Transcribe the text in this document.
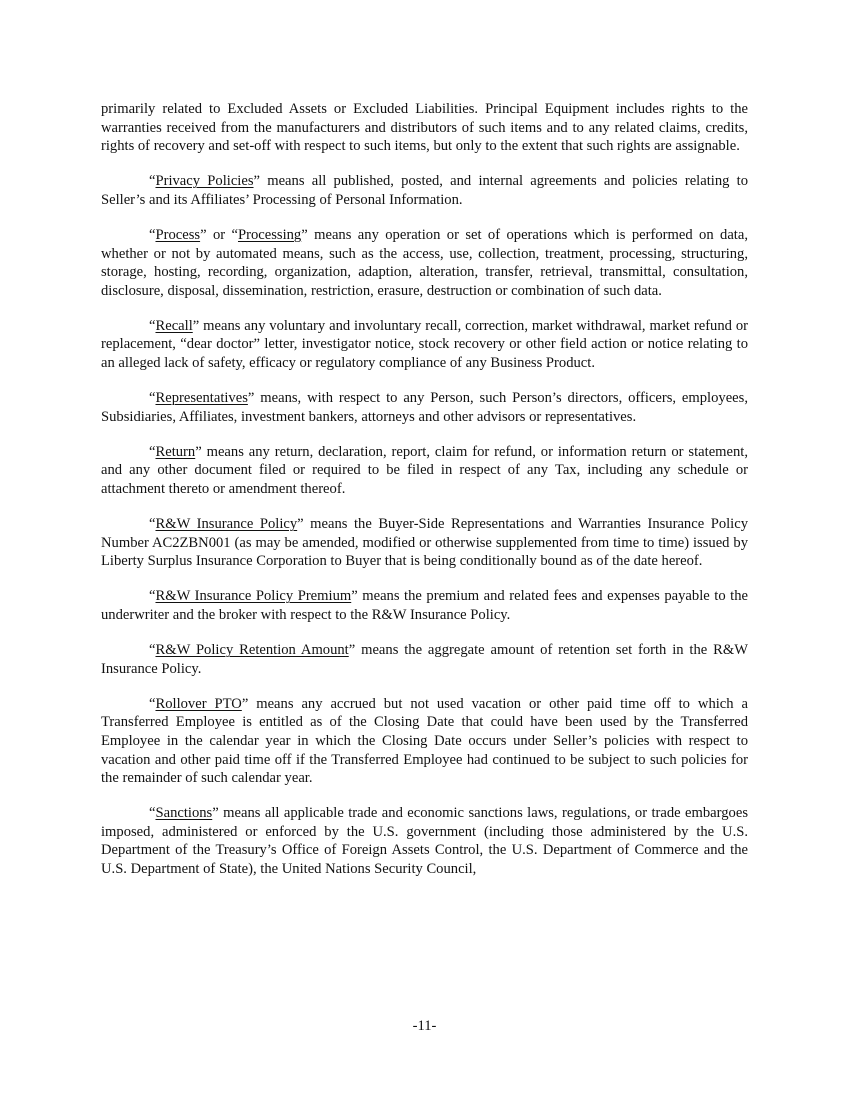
primarily related to Excluded Assets or Excluded Liabilities. Principal Equipment includes rights to the warranties received from the manufacturers and distributors of such items and to any related claims, credits, rights of recovery and set-off with respect to such items, but only to the extent that such rights are assignable.

“Privacy Policies” means all published, posted, and internal agreements and policies relating to Seller’s and its Affiliates’ Processing of Personal Information.

“Process” or “Processing” means any operation or set of operations which is performed on data, whether or not by automated means, such as the access, use, collection, treatment, processing, structuring, storage, hosting, recording, organization, adaption, alteration, transfer, retrieval, transmittal, consultation, disclosure, disposal, dissemination, restriction, erasure, destruction or combination of such data.

“Recall” means any voluntary and involuntary recall, correction, market withdrawal, market refund or replacement, “dear doctor” letter, investigator notice, stock recovery or other field action or notice relating to an alleged lack of safety, efficacy or regulatory compliance of any Business Product.

“Representatives” means, with respect to any Person, such Person’s directors, officers, employees, Subsidiaries, Affiliates, investment bankers, attorneys and other advisors or representatives.

“Return” means any return, declaration, report, claim for refund, or information return or statement, and any other document filed or required to be filed in respect of any Tax, including any schedule or attachment thereto or amendment thereof.

“R&W Insurance Policy” means the Buyer-Side Representations and Warranties Insurance Policy Number AC2ZBN001 (as may be amended, modified or otherwise supplemented from time to time) issued by Liberty Surplus Insurance Corporation to Buyer that is being conditionally bound as of the date hereof.

“R&W Insurance Policy Premium” means the premium and related fees and expenses payable to the underwriter and the broker with respect to the R&W Insurance Policy.

“R&W Policy Retention Amount” means the aggregate amount of retention set forth in the R&W Insurance Policy.

“Rollover PTO” means any accrued but not used vacation or other paid time off to which a Transferred Employee is entitled as of the Closing Date that could have been used by the Transferred Employee in the calendar year in which the Closing Date occurs under Seller’s policies with respect to vacation and other paid time off if the Transferred Employee had continued to be subject to such policies for the remainder of such calendar year.

“Sanctions” means all applicable trade and economic sanctions laws, regulations, or trade embargoes imposed, administered or enforced by the U.S. government (including those administered by the U.S. Department of the Treasury’s Office of Foreign Assets Control, the U.S. Department of Commerce and the U.S. Department of State), the United Nations Security Council,

-11-
